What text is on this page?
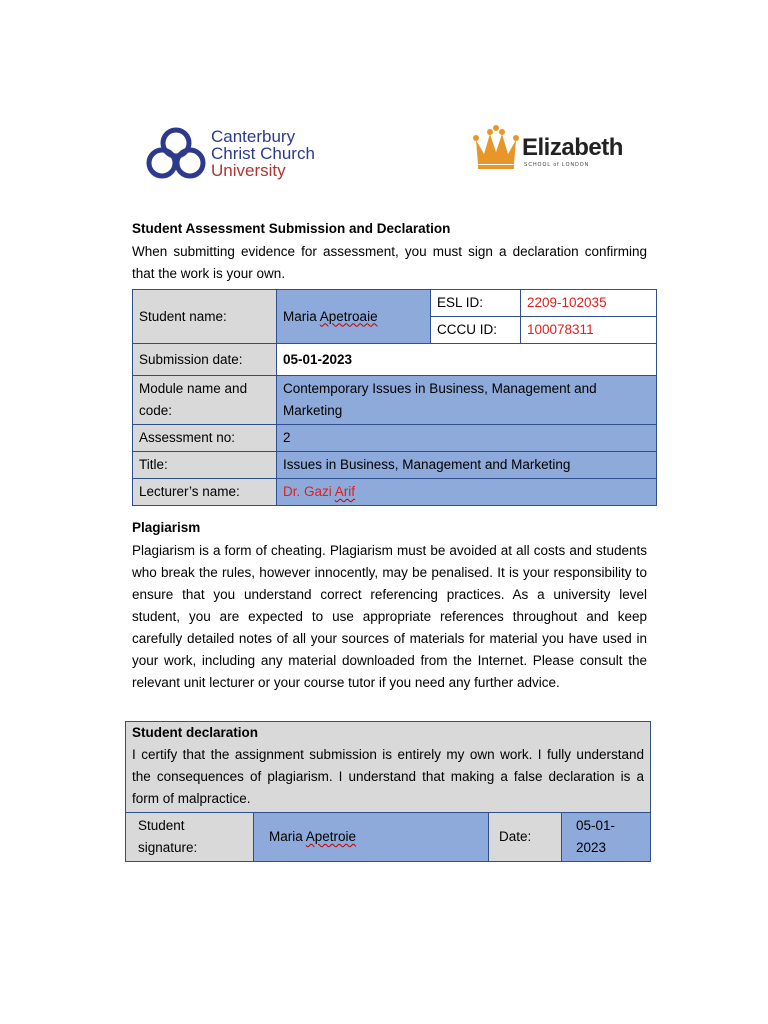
Canterbury
Christ Church
University
Elizabeth
SCHOOL of LONDON
Student Assessment Submission and Declaration
When submitting evidence for assessment, you must sign a declaration confirming that the work is your own.
Student name:	Maria Apetroaie	ESL ID:	2209-102035
		CCCU ID:	100078311
Submission date:	05-01-2023		
Module name and code:	Contemporary Issues in Business, Management and Marketing		
Assessment no:	2		
Title:	Issues in Business, Management and Marketing		
Lecturer’s name:	Dr. Gazi Arif		
Plagiarism
Plagiarism is a form of cheating. Plagiarism must be avoided at all costs and students who break the rules, however innocently, may be penalised. It is your responsibility to ensure that you understand correct referencing practices. As a university level student, you are expected to use appropriate references throughout and keep carefully detailed notes of all your sources of materials for material you have used in your work, including any material downloaded from the Internet. Please consult the relevant unit lecturer or your course tutor if you need any further advice.
Student declaration
I certify that the assignment submission is entirely my own work. I fully understand the consequences of plagiarism. I understand that making a false declaration is a form of malpractice.

Student signature:	Maria Apetroie	Date:	05-01-2023
